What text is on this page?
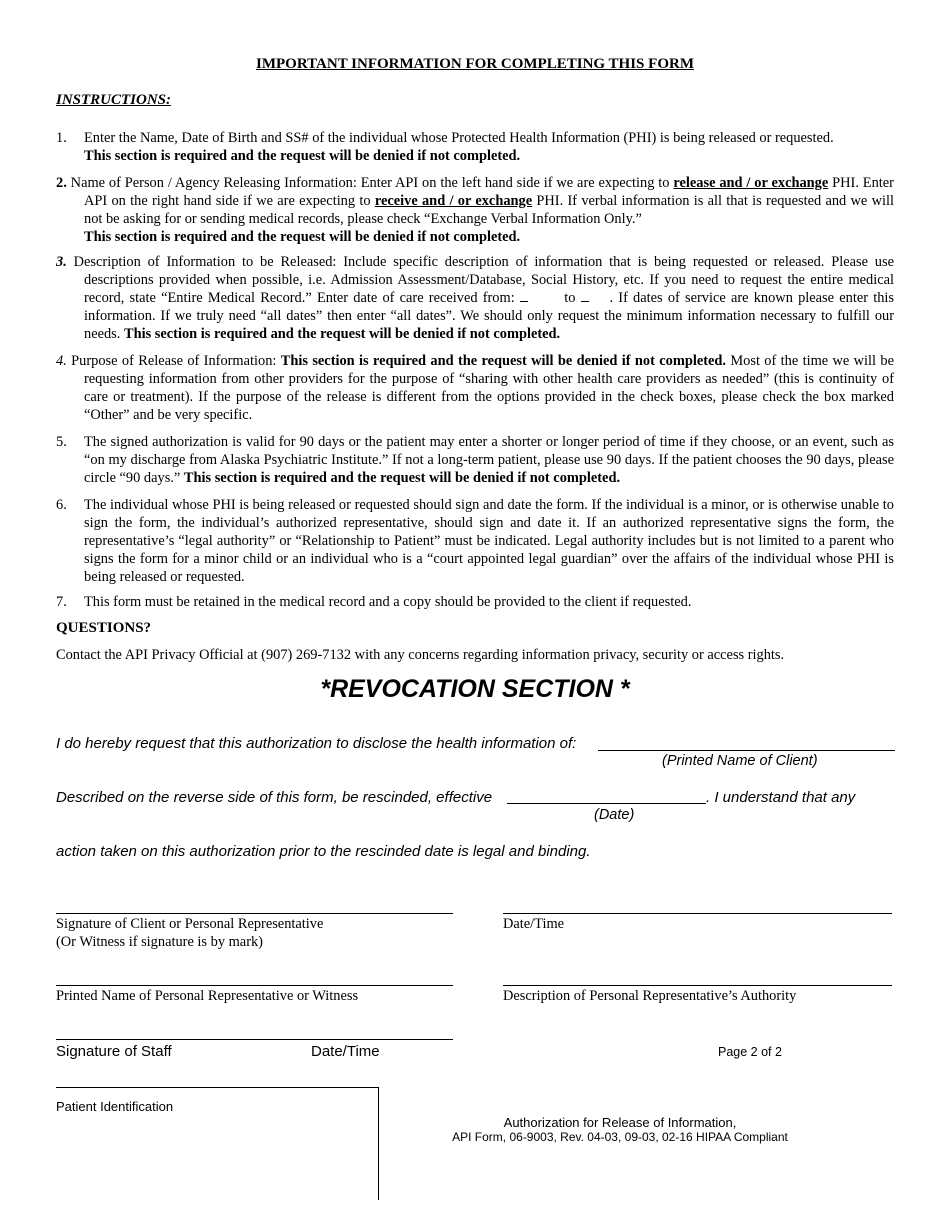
IMPORTANT INFORMATION FOR COMPLETING THIS FORM
INSTRUCTIONS:
1. Enter the Name, Date of Birth and SS# of the individual whose Protected Health Information (PHI) is being released or requested.
This section is required and the request will be denied if not completed.
2. Name of Person / Agency Releasing Information: Enter API on the left hand side if we are expecting to release and / or exchange PHI. Enter API on the right hand side if we are expecting to receive and / or exchange PHI. If verbal information is all that is requested and we will not be asking for or sending medical records, please check “Exchange Verbal Information Only.”
This section is required and the request will be denied if not completed.
3. Description of Information to be Released: Include specific description of information that is being requested or released. Please use descriptions provided when possible, i.e. Admission Assessment/Database, Social History, etc. If you need to request the entire medical record, state “Entire Medical Record.” Enter date of care received from:	to . If dates of service are known please enter this information. If we truly need “all dates” then enter “all dates”. We should only request the minimum information necessary to fulfill our needs. This section is required and the request will be denied if not completed.
4. Purpose of Release of Information: This section is required and the request will be denied if not completed. Most of the time we will be requesting information from other providers for the purpose of “sharing with other health care providers as needed” (this is continuity of care or treatment). If the purpose of the release is different from the options provided in the check boxes, please check the box marked “Other” and be very specific.
5. The signed authorization is valid for 90 days or the patient may enter a shorter or longer period of time if they choose, or an event, such as “on my discharge from Alaska Psychiatric Institute.” If not a long-term patient, please use 90 days. If the patient chooses the 90 days, please circle “90 days.” This section is required and the request will be denied if not completed.
6. The individual whose PHI is being released or requested should sign and date the form. If the individual is a minor, or is otherwise unable to sign the form, the individual’s authorized representative, should sign and date it. If an authorized representative signs the form, the representative’s “legal authority” or “Relationship to Patient” must be indicated. Legal authority includes but is not limited to a parent who signs the form for a minor child or an individual who is a “court appointed legal guardian” over the affairs of the individual whose PHI is being released or requested.
7. This form must be retained in the medical record and a copy should be provided to the client if requested.
QUESTIONS?
Contact the API Privacy Official at (907) 269-7132 with any concerns regarding information privacy, security or access rights.
*REVOCATION SECTION *
I do hereby request that this authorization to disclose the health information of:
(Printed Name of Client)
Described on the reverse side of this form, be rescinded, effective	. I understand that any
(Date)
action taken on this authorization prior to the rescinded date is legal and binding.
Signature of Client or Personal Representative
(Or Witness if signature is by mark)
Date/Time
Printed Name of Personal Representative or Witness	Description of Personal Representative’s Authority
Signature of Staff	Date/Time	Page 2 of 2
Patient Identification
Authorization for Release of Information,
API Form, 06-9003, Rev. 04-03, 09-03, 02-16 HIPAA Compliant
